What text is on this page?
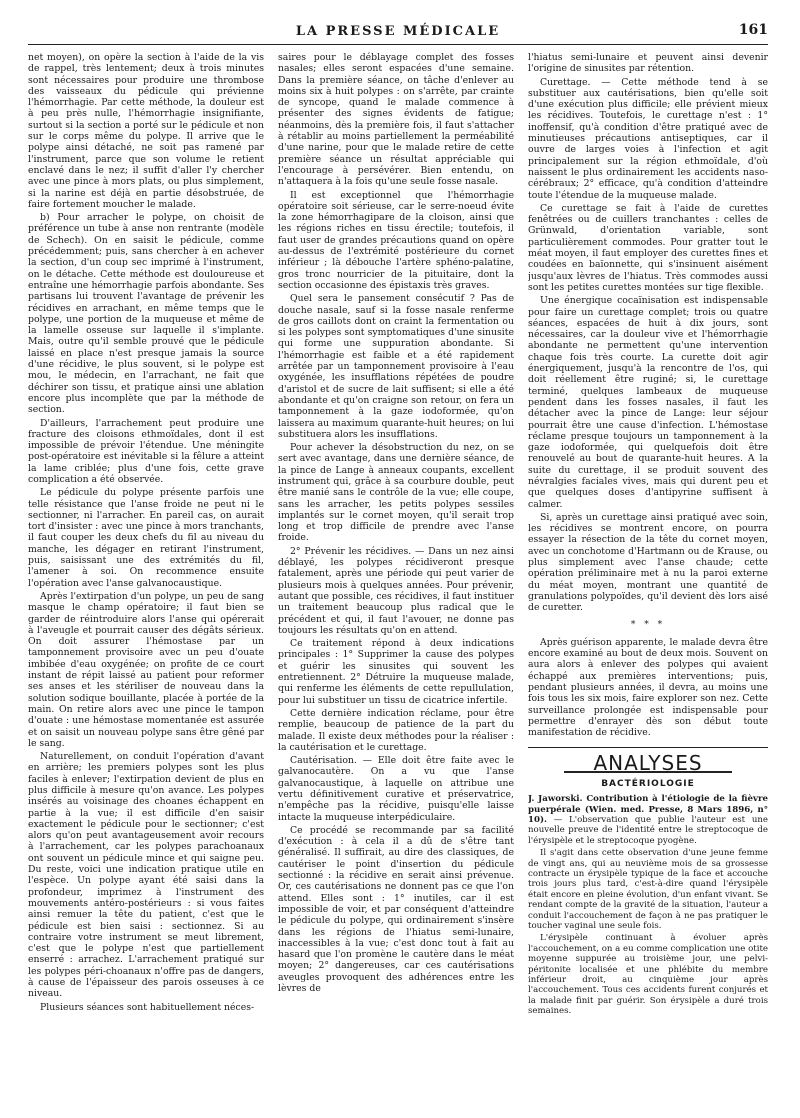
LA PRESSE MÉDICALE	161

net moyen), on opère la section à l'aide de la vis de rappel, très lentement; deux à trois minutes sont nécessaires pour produire une thrombose des vaisseaux du pédicule qui prévienne l'hémorrhagie. Par cette méthode, la douleur est à peu près nulle, l'hémorrhagie insignifiante, surtout si la section a porté sur le pédicule et non sur le corps même du polype. Il arrive que le polype ainsi détaché, ne soit pas ramené par l'instrument, parce que son volume le retient enclavé dans le nez; il suffit d'aller l'y chercher avec une pince à mors plats, ou plus simplement, si la narine est déjà en partie désobstruée, de faire fortement moucher le malade.

b) Pour arracher le polype, on choisit de préférence un tube à anse non rentrante (modèle de Schech). On en saisit le pédicule, comme précédemment; puis, sans chercher à en achever la section, d'un coup sec imprimé à l'instrument, on le détache. Cette méthode est douloureuse et entraîne une hémorrhagie parfois abondante. Ses partisans lui trouvent l'avantage de prévenir les récidives en arrachant, en même temps que le polype, une portion de la muqueuse et même de la lamelle osseuse sur laquelle il s'implante. Mais, outre qu'il semble prouvé que le pédicule laissé en place n'est presque jamais la source d'une récidive, le plus souvent, si le polype est mou, le médecin, en l'arrachant, ne fait que déchirer son tissu, et pratique ainsi une ablation encore plus incomplète que par la méthode de section.

D'ailleurs, l'arrachement peut produire une fracture des cloisons ethmoïdales, dont il est impossible de prévoir l'étendue. Une méningite post-opératoire est inévitable si la fêlure a atteint la lame criblée; plus d'une fois, cette grave complication a été observée.

Le pédicule du polype présente parfois une telle résistance que l'anse froide ne peut ni le sectionner, ni l'arracher. En pareil cas, on aurait tort d'insister : avec une pince à mors tranchants, il faut couper les deux chefs du fil au niveau du manche, les dégager en retirant l'instrument, puis, saisissant une des extrémités du fil, l'amener à soi. On recommence ensuite l'opération avec l'anse galvanocaustique.

Après l'extirpation d'un polype, un peu de sang masque le champ opératoire; il faut bien se garder de réintroduire alors l'anse qui opérerait à l'aveugle et pourrait causer des dégâts sérieux. On doit assurer l'hémostase par un tamponnement provisoire avec un peu d'ouate imbibée d'eau oxygénée; on profite de ce court instant de répit laissé au patient pour reformer ses anses et les stériliser de nouveau dans la solution sodique bouillante, placée à portée de la main. On retire alors avec une pince le tampon d'ouate : une hémostase momentanée est assurée et on saisit un nouveau polype sans être gêné par le sang.

Naturellement, on conduit l'opération d'avant en arrière; les premiers polypes sont les plus faciles à enlever; l'extirpation devient de plus en plus difficile à mesure qu'on avance. Les polypes insérés au voisinage des choanes échappent en partie à la vue; il est difficile d'en saisir exactement le pédicule pour le sectionner; c'est alors qu'on peut avantageusement avoir recours à l'arrachement, car les polypes parachoanaux ont souvent un pédicule mince et qui saigne peu. Du reste, voici une indication pratique utile en l'espèce. Un polype ayant été saisi dans la profondeur, imprimez à l'instrument des mouvements antéro-postérieurs : si vous faites ainsi remuer la tête du patient, c'est que le pédicule est bien saisi : sectionnez. Si au contraire votre instrument se meut librement, c'est que le polype n'est que partiellement enserré : arrachez. L'arrachement pratiqué sur les polypes péri-choanaux n'offre pas de dangers, à cause de l'épaisseur des parois osseuses à ce niveau.

Plusieurs séances sont habituellement néces-

saires pour le déblayage complet des fosses nasales; elles seront espacées d'une semaine. Dans la première séance, on tâche d'enlever au moins six à huit polypes : on s'arrête, par crainte de syncope, quand le malade commence à présenter des signes évidents de fatigue; néanmoins, dès la première fois, il faut s'attacher à rétablir au moins partiellement la perméabilité d'une narine, pour que le malade retire de cette première séance un résultat appréciable qui l'encourage à persévérer. Bien entendu, on n'attaquera à la fois qu'une seule fosse nasale.

Il est exceptionnel que l'hémorrhagie opératoire soit sérieuse, car le serre-noeud évite la zone hémorrhagipare de la cloison, ainsi que les régions riches en tissu érectile; toutefois, il faut user de grandes précautions quand on opère au-dessus de l'extrémité postérieure du cornet inférieur ; là débouche l'artère sphéno-palatine, gros tronc nourricier de la pituitaire, dont la section occasionne des épistaxis très graves.

Quel sera le pansement consécutif ? Pas de douche nasale, sauf si la fosse nasale renferme de gros caillots dont on craint la fermentation ou si les polypes sont symptomatiques d'une sinusite qui forme une suppuration abondante. Si l'hémorrhagie est faible et a été rapidement arrêtée par un tamponnement provisoire à l'eau oxygénée, les insufflations répétées de poudre d'aristol et de sucre de lait suffisent; si elle a été abondante et qu'on craigne son retour, on fera un tamponnement à la gaze iodoformée, qu'on laissera au maximum quarante-huit heures; on lui substituera alors les insufflations.

Pour achever la désobstruction du nez, on se sert avec avantage, dans une dernière séance, de la pince de Lange à anneaux coupants, excellent instrument qui, grâce à sa courbure double, peut être manié sans le contrôle de la vue; elle coupe, sans les arracher, les petits polypes sessiles implantés sur le cornet moyen, qu'il serait trop long et trop difficile de prendre avec l'anse froide.

2° Prévenir les récidives. — Dans un nez ainsi déblayé, les polypes récidiveront presque fatalement, après une période qui peut varier de plusieurs mois à quelques années. Pour prévenir, autant que possible, ces récidives, il faut instituer un traitement beaucoup plus radical que le précédent et qui, il faut l'avouer, ne donne pas toujours les résultats qu'on en attend.

Ce traitement répond à deux indications principales : 1° Supprimer la cause des polypes et guérir les sinusites qui souvent les entretiennent. 2° Détruire la muqueuse malade, qui renferme les éléments de cette repullulation, pour lui substituer un tissu de cicatrice infertile.

Cette dernière indication réclame, pour être remplie, beaucoup de patience de la part du malade. Il existe deux méthodes pour la réaliser : la cautérisation et le curettage.

Cautérisation. — Elle doit être faite avec le galvanocautère. On a vu que l'anse galvanocaustique, à laquelle on attribue une vertu définitivement curative et préservatrice, n'empêche pas la récidive, puisqu'elle laisse intacte la muqueuse interpédiculaire.

Ce procédé se recommande par sa facilité d'exécution : à cela il a dû de s'être tant généralisé. Il suffirait, au dire des classiques, de cautériser le point d'insertion du pédicule sectionné : la récidive en serait ainsi prévenue. Or, ces cautérisations ne donnent pas ce que l'on attend. Elles sont : 1° inutiles, car il est impossible de voir, et par conséquent d'atteindre le pédicule du polype, qui ordinairement s'insère dans les régions de l'hiatus semi-lunaire, inaccessibles à la vue; c'est donc tout à fait au hasard que l'on promène le cautère dans le méat moyen; 2° dangereuses, car ces cautérisations aveugles provoquent des adhérences entre les lèvres de

l'hiatus semi-lunaire et peuvent ainsi devenir l'origine de sinusites par rétention.

Curettage. — Cette méthode tend à se substituer aux cautérisations, bien qu'elle soit d'une exécution plus difficile; elle prévient mieux les récidives. Toutefois, le curettage n'est : 1° inoffensif, qu'à condition d'être pratiqué avec de minutieuses précautions antiseptiques, car il ouvre de larges voies à l'infection et agit principalement sur la région ethmoïdale, d'où naissent le plus ordinairement les accidents naso-cérébraux; 2° efficace, qu'à condition d'atteindre toute l'étendue de la muqueuse malade.

Ce curettage se fait à l'aide de curettes fenêtrées ou de cuillers tranchantes : celles de Grünwald, d'orientation variable, sont particulièrement commodes. Pour gratter tout le méat moyen, il faut employer des curettes fines et coudées en baïonnette, qui s'insinuent aisément jusqu'aux lèvres de l'hiatus. Très commodes aussi sont les petites curettes montées sur tige flexible.

Une énergique cocaïnisation est indispensable pour faire un curettage complet; trois ou quatre séances, espacées de huit à dix jours, sont nécessaires, car la douleur vive et l'hémorrhagie abondante ne permettent qu'une intervention chaque fois très courte. La curette doit agir énergiquement, jusqu'à la rencontre de l'os, qui doit réellement être ruginé; si, le curettage terminé, quelques lambeaux de muqueuse pendent dans les fosses nasales, il faut les détacher avec la pince de Lange: leur séjour pourrait être une cause d'infection. L'hémostase réclame presque toujours un tamponnement à la gaze iodoformée, qui quelquefois doit être renouvelé au bout de quarante-huit heures. A la suite du curettage, il se produit souvent des névralgies faciales vives, mais qui durent peu et que quelques doses d'antipyrine suffisent à calmer.

Si, après un curettage ainsi pratiqué avec soin, les récidives se montrent encore, on pourra essayer la résection de la tête du cornet moyen, avec un conchotome d'Hartmann ou de Krause, ou plus simplement avec l'anse chaude; cette opération préliminaire met à nu la paroi externe du méat moyen, montrant une quantité de granulations polypoïdes, qu'il devient dès lors aisé de curetter.

* * *

Après guérison apparente, le malade devra être encore examiné au bout de deux mois. Souvent on aura alors à enlever des polypes qui avaient échappé aux premières interventions; puis, pendant plusieurs années, il devra, au moins une fois tous les six mois, faire explorer son nez. Cette surveillance prolongée est indispensable pour permettre d'enrayer dès son début toute manifestation de récidive.

ANALYSES
BACTÉRIOLOGIE

J. Jaworski. Contribution à l'étiologie de la fièvre puerpérale (Wien. med. Presse, 8 Mars 1896, n° 10). — L'observation que publie l'auteur est une nouvelle preuve de l'identité entre le streptocoque de l'érysipèle et le streptocoque pyogène.

Il s'agit dans cette observation d'une jeune femme de vingt ans, qui au neuvième mois de sa grossesse contracte un érysipèle typique de la face et accouche trois jours plus tard, c'est-à-dire quand l'érysipèle était encore en pleine évolution, d'un enfant vivant. Se rendant compte de la gravité de la situation, l'auteur a conduit l'accouchement de façon à ne pas pratiquer le toucher vaginal une seule fois.

L'érysipèle continuant à évoluer après l'accouchement, on a eu comme complication une otite moyenne suppurée au troisième jour, une pelvi-péritonite localisée et une phlébite du membre inférieur droit, au cinquième jour après l'accouchement. Tous ces accidents furent conjurés et la malade finit par guérir. Son érysipèle a duré trois semaines.
